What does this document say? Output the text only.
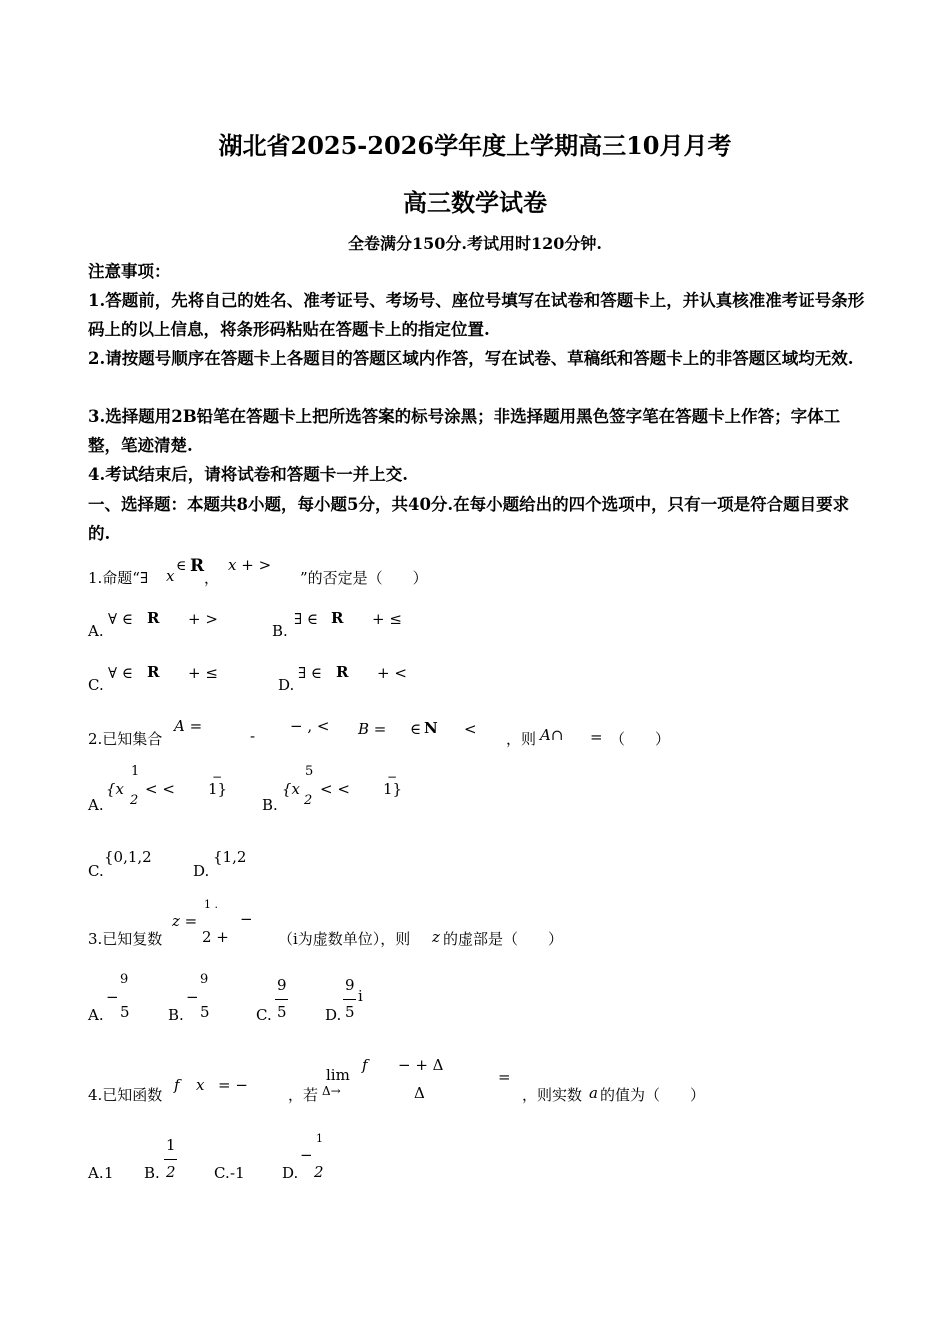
湖北省2025-2026学年度上学期高三10月月考
高三数学试卷
全卷满分150分.考试用时120分钟.
注意事项：
1.答题前，先将自己的姓名、准考证号、考场号、座位号填写在试卷和答题卡上，并认真核准准考证号条形码上的以上信息，将条形码粘贴在答题卡上的指定位置.
2.请按题号顺序在答题卡上各题目的答题区域内作答，写在试卷、草稿纸和答题卡上的非答题区域均无效.
3.选择题用2B铅笔在答题卡上把所选答案的标号涂黑；非选择题用黑色签字笔在答题卡上作答；字体工整，笔迹清楚.
4.考试结束后，请将试卷和答题卡一并上交.
一、选择题：本题共8小题，每小题5分，共40分.在每小题给出的四个选项中，只有一项是符合题目要求的.
1.命题“∃ x
∈ R
，
x + >
”的否定是（　　）
A.
∀ ∈ R + >
B.
∃ ∈ R + ≤
C.
∀ ∈ R + ≤
D.
∃ ∈ R + <
2.已知集合
A =
-
− , < B = ∈ N <
，则 A∩ = （　　）
A.
{x
1
2
< <
−
1}
B.
{x
5
2
< <
−
1}
C.
{0,1,2
D.
{1,2
3.已知复数
z =
1 .
2 +
−
（i为虚数单位），则 z 的虚部是（　　）
A.
−
9
5	B.
−
9
5	C.
9
5	D.
9
5
i
4.已知函数
f x = −
，若
lim
Δ→
f − + Δ
Δ
=
，则实数 a 的值为（　　）
A. 1 B.
1
2	C. -1 D.
−
1
2
